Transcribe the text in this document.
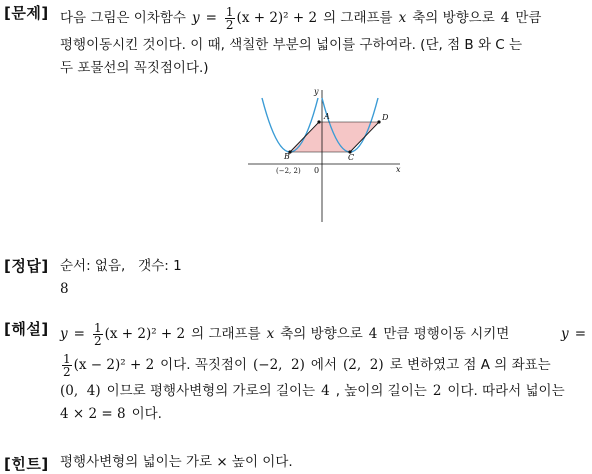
[문제] 다음 그림은 이차함수 $y = \frac{1}{2} (x + 2)^2 + 2$ 의 그래프를 x 축의 방향으로 4 만큼
평행이동시킨 것이다. 이 때, 색칠한 부분의 넓이를 구하여라. (단, 점 B 와 C 는
두 포물선의 꼭짓점이다.)
y
x
0
A
B	C
D
(−2, 2)
[정답] 순서: 없음,   갯수: 1
8
[해설] $y = \frac{1}{2} (x + 2)^2 + 2$ 의 그래프를 x 축의 방향으로 4 만큼 평행이동 시키면	y =
$\frac{1}{2} (x - 2)^2 + 2$ 이다. 꼭짓점이 (−2,  2) 에서 (2,  2) 로 변하였고 점 A 의 좌표는
(0,  4) 이므로 평행사변형의 가로의 길이는 4 , 높이의 길이는 2 이다. 따라서 넓이는
4 × 2 = 8 이다.
[힌트] 평행사변형의 넓이는 가로 × 높이 이다.
